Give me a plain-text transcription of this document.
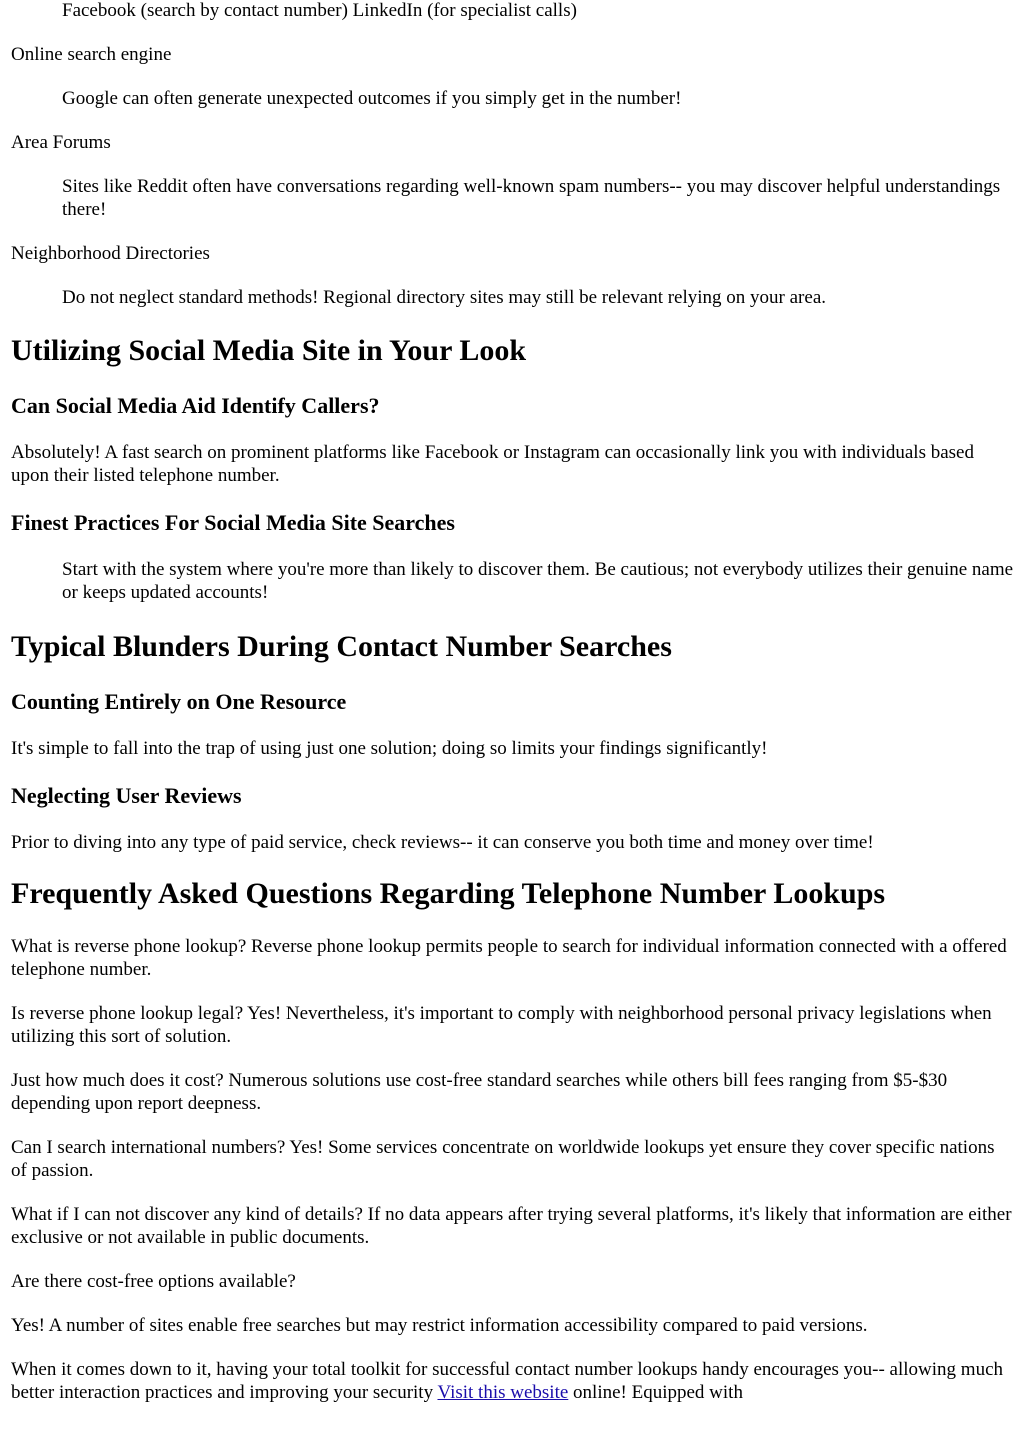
Facebook (search by contact number) LinkedIn (for specialist calls)
Online search engine
Google can often generate unexpected outcomes if you simply get in the number!
Area Forums
Sites like Reddit often have conversations regarding well-known spam numbers-- you may discover helpful understandings there!
Neighborhood Directories
Do not neglect standard methods! Regional directory sites may still be relevant relying on your area.
Utilizing Social Media Site in Your Look
Can Social Media Aid Identify Callers?

Absolutely! A fast search on prominent platforms like Facebook or Instagram can occasionally link you with individuals based upon their listed telephone number.

Finest Practices For Social Media Site Searches
Start with the system where you're more than likely to discover them. Be cautious; not everybody utilizes their genuine name or keeps updated accounts!
Typical Blunders During Contact Number Searches
Counting Entirely on One Resource

It's simple to fall into the trap of using just one solution; doing so limits your findings significantly!

Neglecting User Reviews

Prior to diving into any type of paid service, check reviews-- it can conserve you both time and money over time!

Frequently Asked Questions Regarding Telephone Number Lookups

What is reverse phone lookup? Reverse phone lookup permits people to search for individual information connected with a offered telephone number.

Is reverse phone lookup legal? Yes! Nevertheless, it's important to comply with neighborhood personal privacy legislations when utilizing this sort of solution.

Just how much does it cost? Numerous solutions use cost-free standard searches while others bill fees ranging from $5-$30 depending upon report deepness.

Can I search international numbers? Yes! Some services concentrate on worldwide lookups yet ensure they cover specific nations of passion.

What if I can not discover any kind of details? If no data appears after trying several platforms, it's likely that information are either exclusive or not available in public documents.

Are there cost-free options available?

Yes! A number of sites enable free searches but may restrict information accessibility compared to paid versions.

When it comes down to it, having your total toolkit for successful contact number lookups handy encourages you-- allowing much better interaction practices and improving your security Visit this website online! Equipped with
